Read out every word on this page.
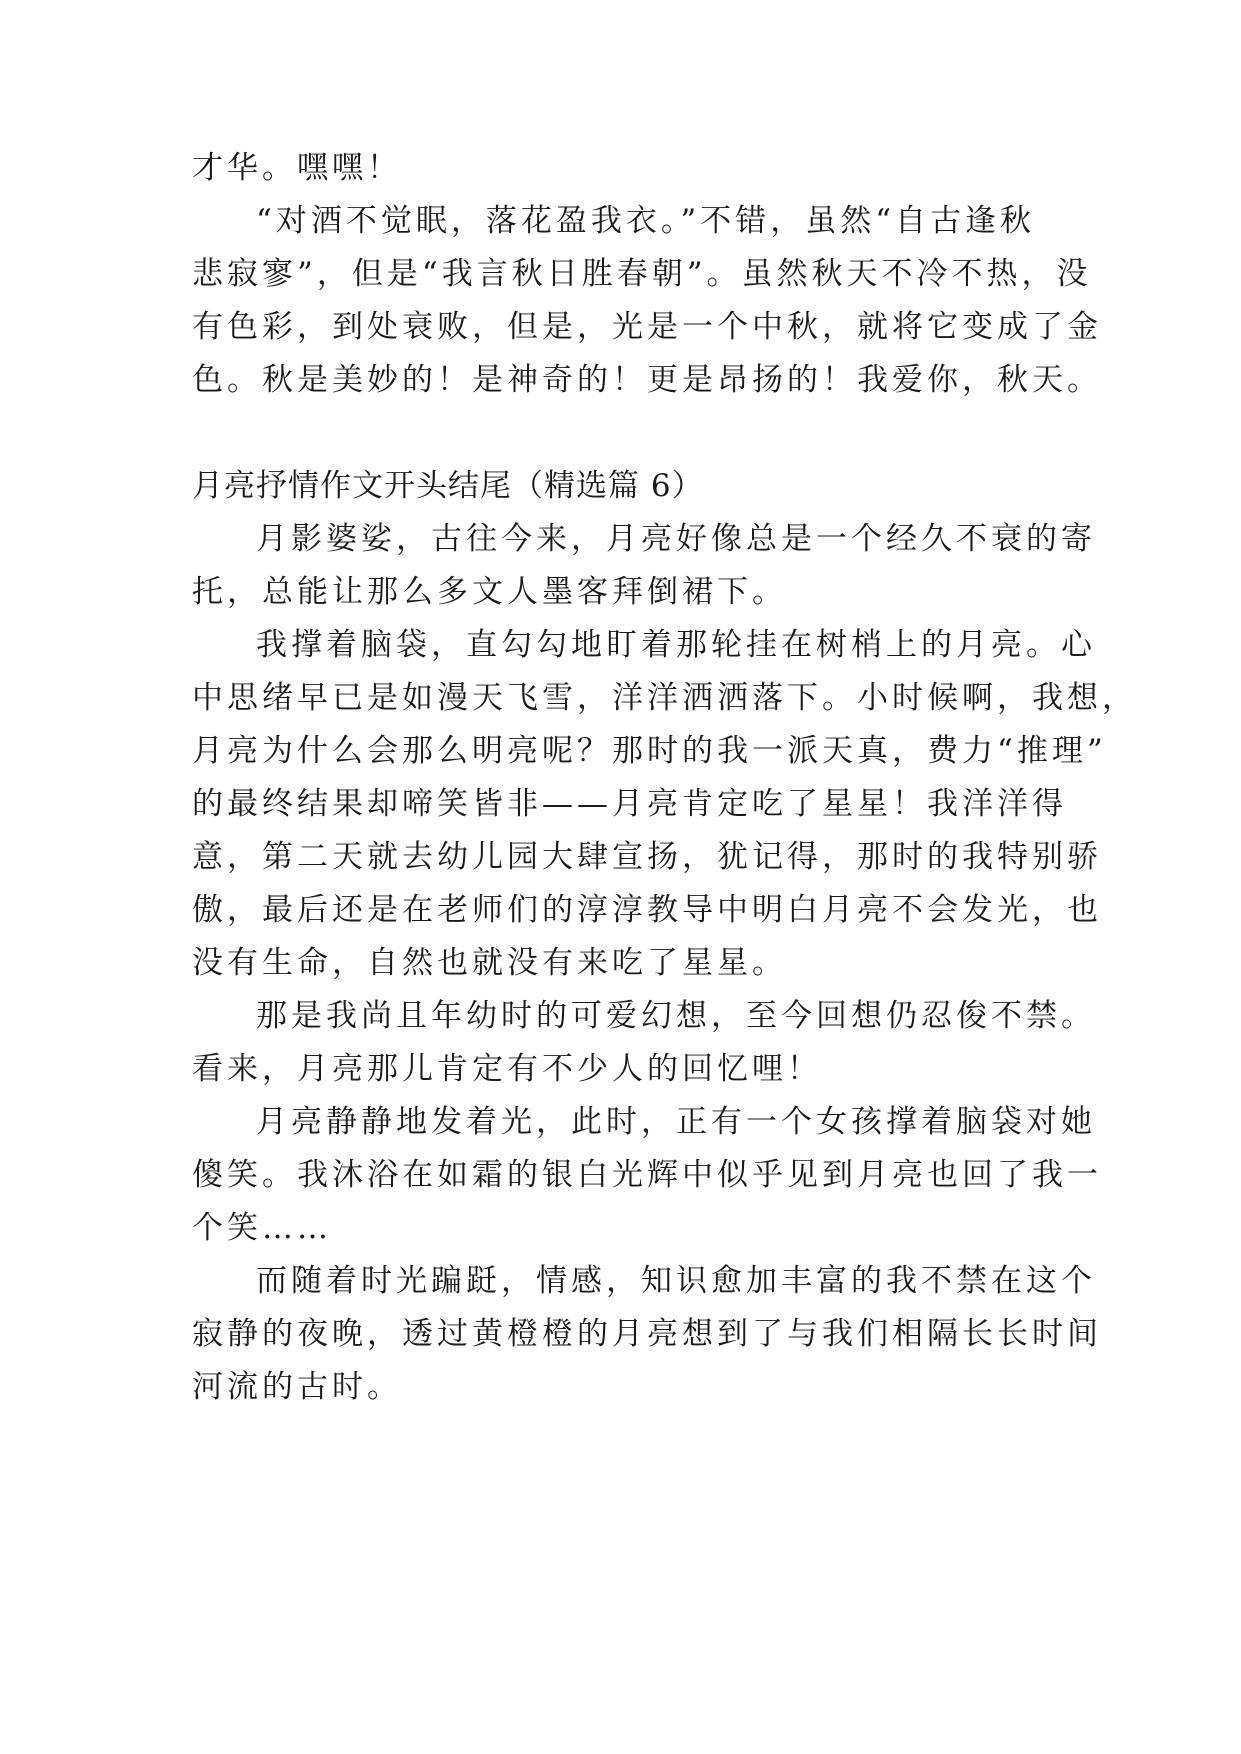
才华。嘿嘿！
“对酒不觉眠，落花盈我衣。”不错，虽然“自古逢秋
悲寂寥”，但是“我言秋日胜春朝”。虽然秋天不冷不热，没
有色彩，到处衰败，但是，光是一个中秋，就将它变成了金
色。秋是美妙的！是神奇的！更是昂扬的！我爱你，秋天。
月亮抒情作文开头结尾（精选篇 6）
月影婆娑，古往今来，月亮好像总是一个经久不衰的寄
托，总能让那么多文人墨客拜倒裙下。
我撑着脑袋，直勾勾地盯着那轮挂在树梢上的月亮。心
中思绪早已是如漫天飞雪，洋洋洒洒落下。小时候啊，我想，
月亮为什么会那么明亮呢？那时的我一派天真，费力“推理”
的最终结果却啼笑皆非——月亮肯定吃了星星！我洋洋得
意，第二天就去幼儿园大肆宣扬，犹记得，那时的我特别骄
傲，最后还是在老师们的淳淳教导中明白月亮不会发光，也
没有生命，自然也就没有来吃了星星。
那是我尚且年幼时的可爱幻想，至今回想仍忍俊不禁。
看来，月亮那儿肯定有不少人的回忆哩！
月亮静静地发着光，此时，正有一个女孩撑着脑袋对她
傻笑。我沐浴在如霜的银白光辉中似乎见到月亮也回了我一
个笑……
而随着时光蹁跹，情感，知识愈加丰富的我不禁在这个
寂静的夜晚，透过黄橙橙的月亮想到了与我们相隔长长时间
河流的古时。
